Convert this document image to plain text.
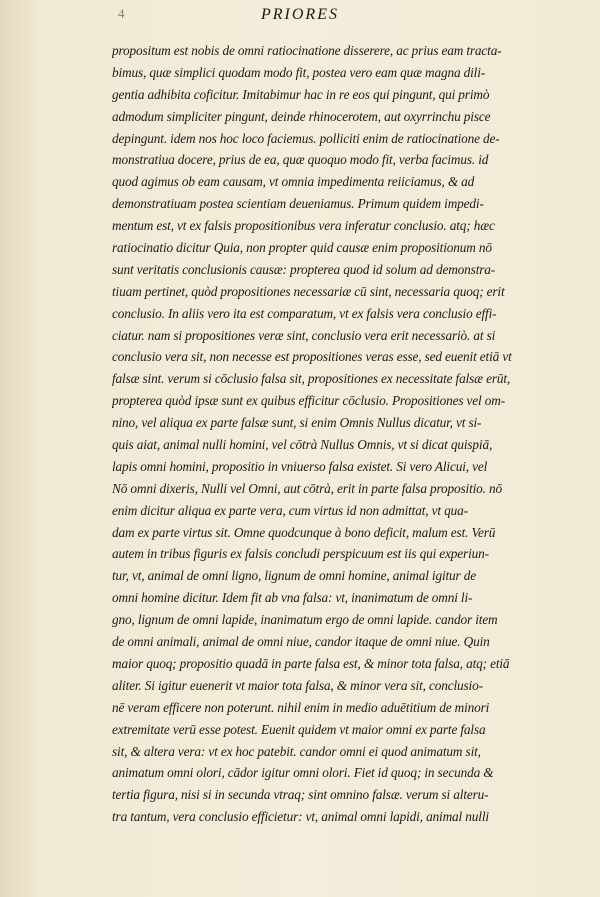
4	PRIORES
propositum est nobis de omni ratiocinatione disserere, ac prius eam tracta-
bimus, quæ simplici quodam modo fit, postea vero eam quæ magna dili-
gentia adhibita coficitur. Imitabimur hac in re eos qui pingunt, qui primò
admodum simpliciter pingunt, deinde rhinocerotem, aut oxyrrinchu pisce
depingunt. idem nos hoc loco faciemus. polliciti enim de ratiocinatione de-
monstratiua docere, prius de ea, quæ quoquo modo fit, verba facimus. id
quod agimus ob eam causam, vt omnia impedimenta reiiciamus, & ad
demonstratiuam postea scientiam deueniamus. Primum quidem impedi-
mentum est, vt ex falsis propositionibus vera inferatur conclusio. atq; hæc
ratiocinatio dicitur Quia, non propter quid causæ enim propositionum nō
sunt veritatis conclusionis causæ: propterea quod id solum ad demonstra-
tiuam pertinet, quòd propositiones necessariæ cū sint, necessaria quoq; erit
conclusio. In aliis vero ita est comparatum, vt ex falsis vera conclusio effi-
ciatur. nam si propositiones veræ sint, conclusio vera erit necessariò. at si
conclusio vera sit, non necesse est propositiones veras esse, sed euenit etiā vt
falsæ sint. verum si cōclusio falsa sit, propositiones ex necessitate falsæ erūt,
propterea quòd ipsæ sunt ex quibus efficitur cōclusio. Propositiones vel om-
nino, vel aliqua ex parte falsæ sunt, si enim Omnis Nullus dicatur, vt si-
quis aiat, animal nulli homini, vel cōtrà Nullus Omnis, vt si dicat quispiā,
lapis omni homini, propositio in vniuerso falsa existet. Si vero Alicui, vel
Nō omni dixeris, Nulli vel Omni, aut cōtrà, erit in parte falsa propositio. nō
enim dicitur aliqua ex parte vera, cum virtus id non admittat, vt qua-
dam ex parte virtus sit. Omne quodcunque à bono deficit, malum est. Verū
autem in tribus figuris ex falsis concludi perspicuum est iis qui experiun-
tur, vt, animal de omni ligno, lignum de omni homine, animal igitur de
omni homine dicitur. Idem fit ab vna falsa: vt, inanimatum de omni li-
gno, lignum de omni lapide, inanimatum ergo de omni lapide. candor item
de omni animali, animal de omni niue, candor itaque de omni niue. Quin
maior quoq; propositio quadā in parte falsa est, & minor tota falsa, atq; etiā
aliter. Si igitur euenerit vt maior tota falsa, & minor vera sit, conclusio-
nē veram efficere non poterunt. nihil enim in medio aduētitium de minori
extremitate verū esse potest. Euenit quidem vt maior omni ex parte falsa
sit, & altera vera: vt ex hoc patebit. candor omni ei quod animatum sit,
animatum omni olori, cādor igitur omni olori. Fiet id quoq; in secunda &
tertia figura, nisi si in secunda vtraq; sint omnino falsæ. verum si alteru-
tra tantum, vera conclusio efficietur: vt, animal omni lapidi, animal nulli
